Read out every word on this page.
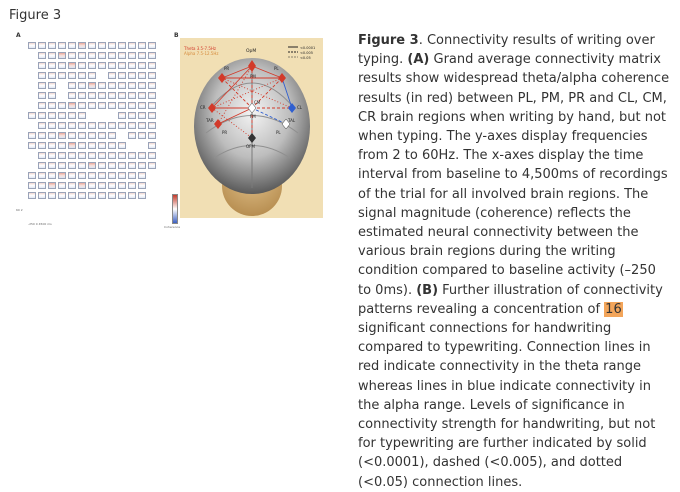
Figure 3
A
60 2
-250 0 4500 ms
Coherence
B
Theta 3.5-7.5Hz
Alpha 7.5-12.5Hz
<0.0001
<0.005
<0.05
OpM
PR
PM
PL
CR
CM
CL
TAR	TAL
PR	PL
FM
OFM
Figure 3. Connectivity results of writing over typing. (A) Grand average connectivity matrix results show widespread theta/alpha coherence results (in red) between PL, PM, PR and CL, CM, CR brain regions when writing by hand, but not when typing. The y-axes display frequencies from 2 to 60Hz. The x-axes display the time interval from baseline to 4,500ms of recordings of the trial for all involved brain regions. The signal magnitude (coherence) reflects the estimated neural connectivity between the various brain regions during the writing condition compared to baseline activity (–250 to 0ms). (B) Further illustration of connectivity patterns revealing a concentration of 16 significant connections for handwriting compared to typewriting. Connection lines in red indicate connectivity in the theta range whereas lines in blue indicate connectivity in the alpha range. Levels of significance in connectivity strength for handwriting, but not for typewriting are further indicated by solid (<0.0001), dashed (<0.005), and dotted (<0.05) connection lines.
